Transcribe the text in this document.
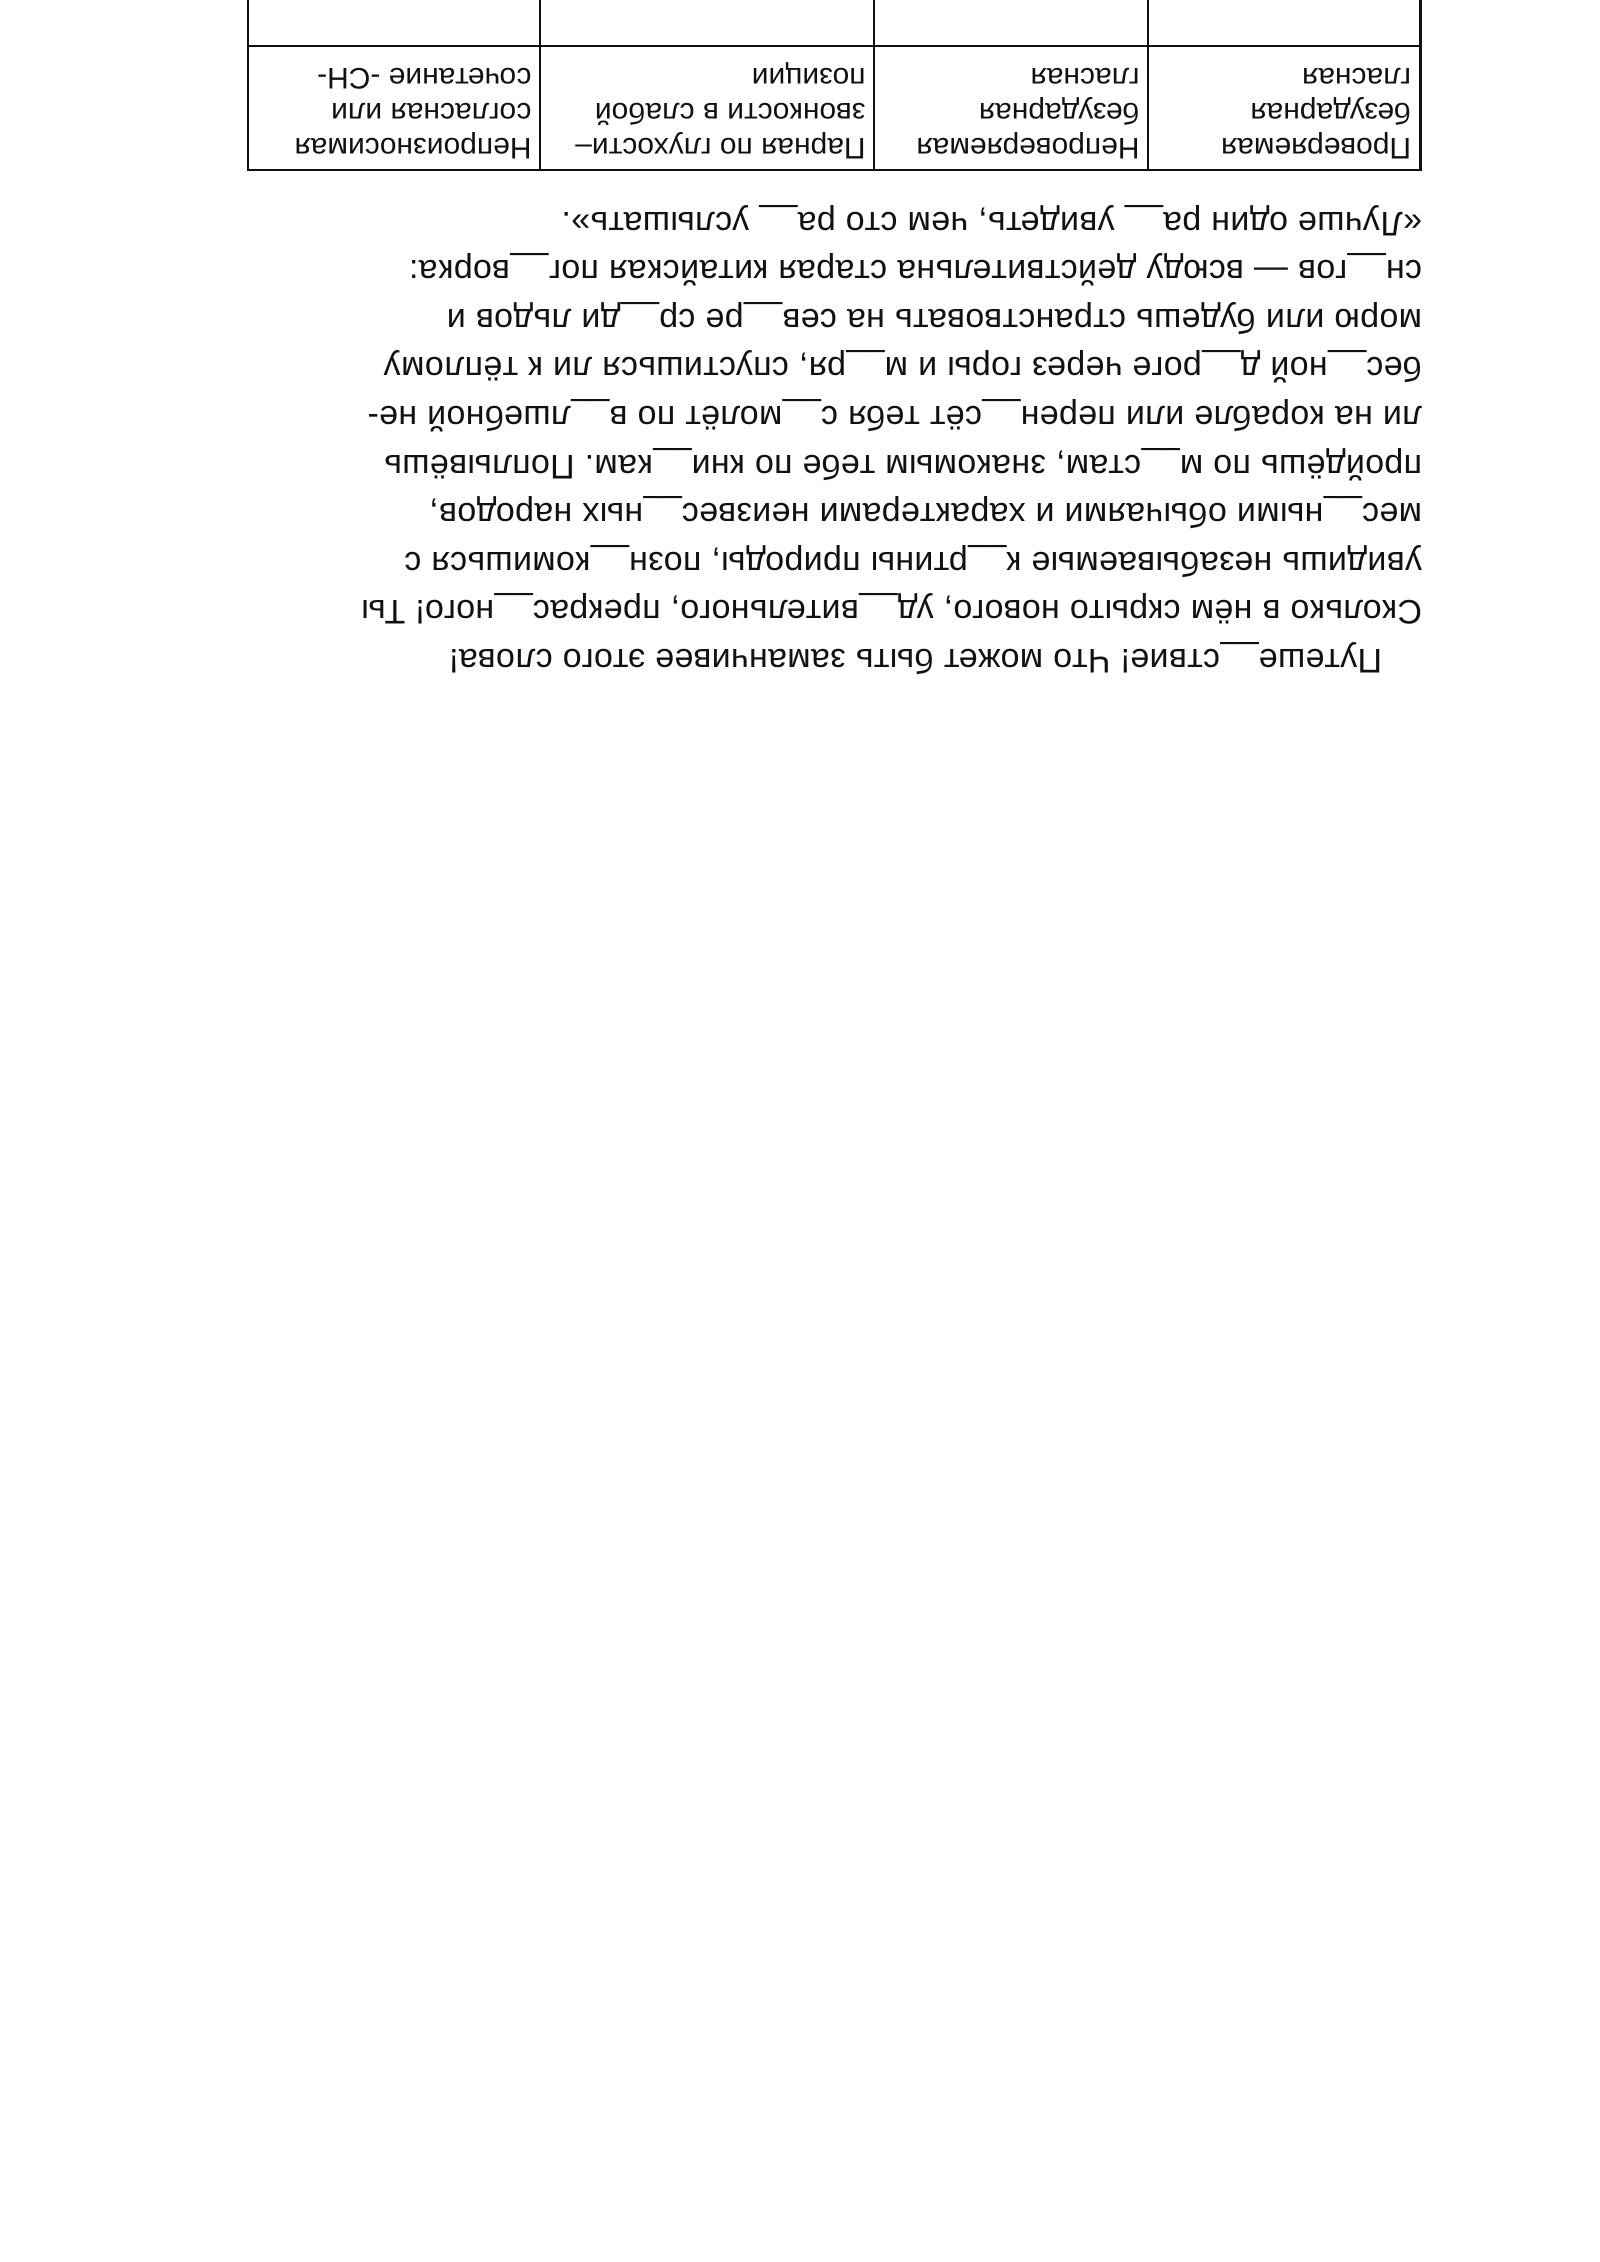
Путеше__ствие! Что может быть заманчивее этого слова!

Сколько в нём скрыто нового, уд__вительного, прекрас__ного! Ты

увидишь незабываемые к__ртины природы, позн__комишься с

мес__ными обычаями и характерами неизвес__ных народов,

пройдёшь по м__стам, знакомым тебе по кни__кам. Поплывёшь

ли на корабле или перен__сёт тебя с__молёт по в__лшебной не-

бес__ной д__роге через горы и м__ря, спустишься ли к тёплому

морю или будешь странствовать на сев__ре ср__ди льдов и

сн__гов — всюду действительна старая китайская пог__ворка:

«Лучше один ра__ увидеть, чем сто ра__ услышать».

Проверяемая
безударная
гласная	Непроверяемая
безударная
гласная	Парная по глухости–
звонкости в слабой
позиции	Непроизносимая
согласная или
сочетание -СН-
